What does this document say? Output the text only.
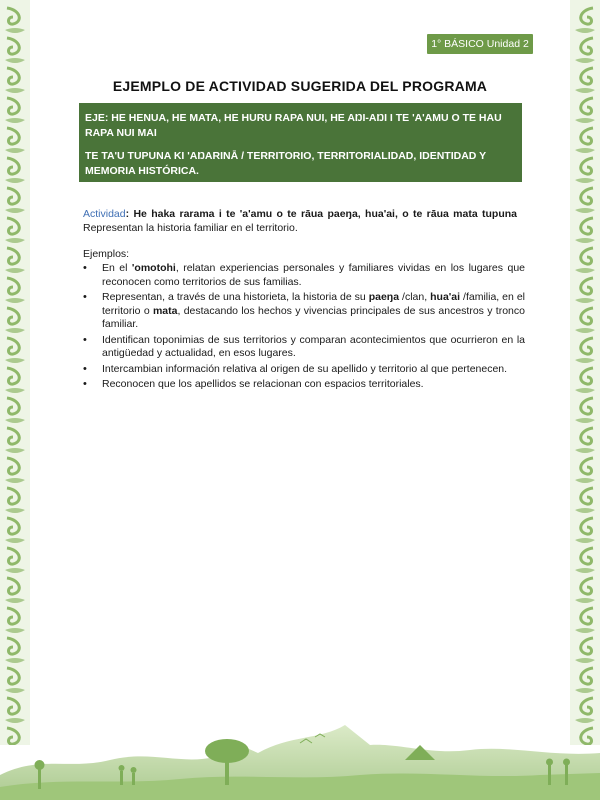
1° BÁSICO Unidad 2
EJEMPLO DE ACTIVIDAD SUGERIDA DEL PROGRAMA

EJE: HE HENUA, HE MATA, HE HURU RAPA NUI, HE AŊI-AŊI I TE 'A'AMU O TE HAU RAPA NUI MAI

TE TA'U TUPUNA KI 'AŊARINĀ / TERRITORIO, TERRITORIALIDAD, IDENTIDAD Y MEMORIA HISTÓRICA.

Actividad: He haka rarama i te 'a'amu o te rāua paeŋa, hua'ai, o te rāua mata tupuna Representan la historia familiar en el territorio.
Ejemplos:
• En el 'omotohi, relatan experiencias personales y familiares vividas en los lugares que reconocen como territorios de sus familias.
• Representan, a través de una historieta, la historia de su paeŋa /clan, hua'ai /familia, en el territorio o mata, destacando los hechos y vivencias principales de sus ancestros y tronco familiar.
• Identifican toponimias de sus territorios y comparan acontecimientos que ocurrieron en la antigüedad y actualidad, en esos lugares.
• Intercambian información relativa al origen de su apellido y territorio al que pertenecen.
• Reconocen que los apellidos se relacionan con espacios territoriales.
